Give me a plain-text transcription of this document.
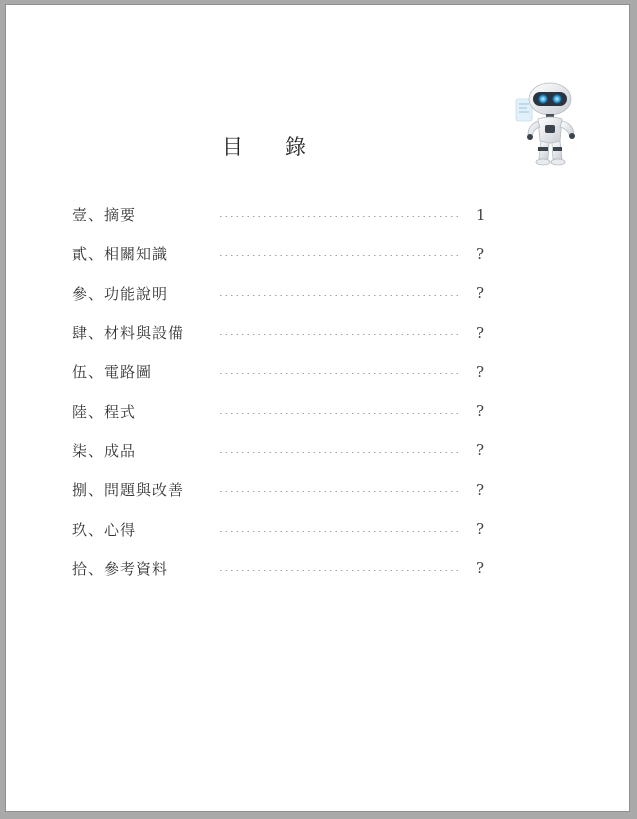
目　　錄
壹、摘要	1
貳、相關知識	?
參、功能說明	?
肆、材料與設備	?
伍、電路圖	?
陸、程式	?
柒、成品	?
捌、問題與改善	?
玖、心得	?
拾、參考資料	?
